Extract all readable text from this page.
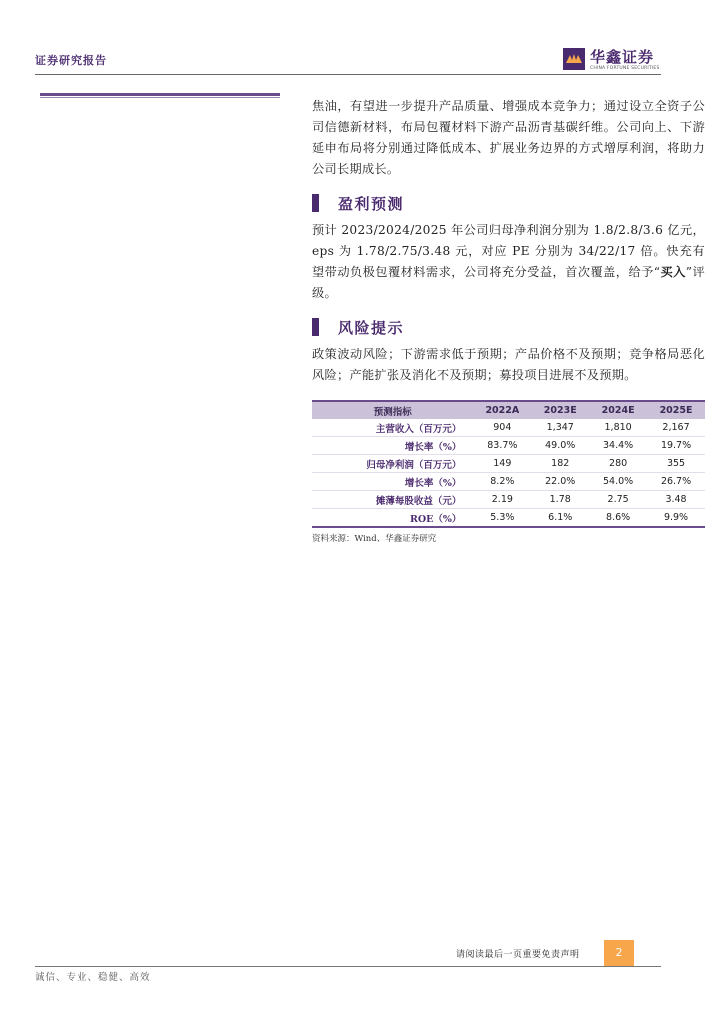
证券研究报告	华鑫证券
CHINA FORTUNE SECURITIES

焦油，有望进一步提升产品质量、增强成本竞争力；通过设立全资子公司信德新材料，布局包覆材料下游产品沥青基碳纤维。公司向上、下游延申布局将分别通过降低成本、扩展业务边界的方式增厚利润，将助力公司长期成长。

盈利预测

预计 2023/2024/2025 年公司归母净利润分别为 1.8/2.8/3.6 亿元，eps 为 1.78/2.75/3.48 元，对应 PE 分别为 34/22/17 倍。快充有望带动负极包覆材料需求，公司将充分受益，首次覆盖，给予“买入”评级。

风险提示

政策波动风险；下游需求低于预期；产品价格不及预期；竞争格局恶化风险；产能扩张及消化不及预期；募投项目进展不及预期。

预测指标	2022A	2023E	2024E	2025E
主营收入（百万元）	904	1,347	1,810	2,167
增长率（%）	83.7%	49.0%	34.4%	19.7%
归母净利润（百万元）	149	182	280	355
增长率（%）	8.2%	22.0%	54.0%	26.7%
摊薄每股收益（元）	2.19	1.78	2.75	3.48
ROE（%）	5.3%	6.1%	8.6%	9.9%
资料来源：Wind、华鑫证券研究
请阅读最后一页重要免责声明	2
诚信、专业、稳健、高效
